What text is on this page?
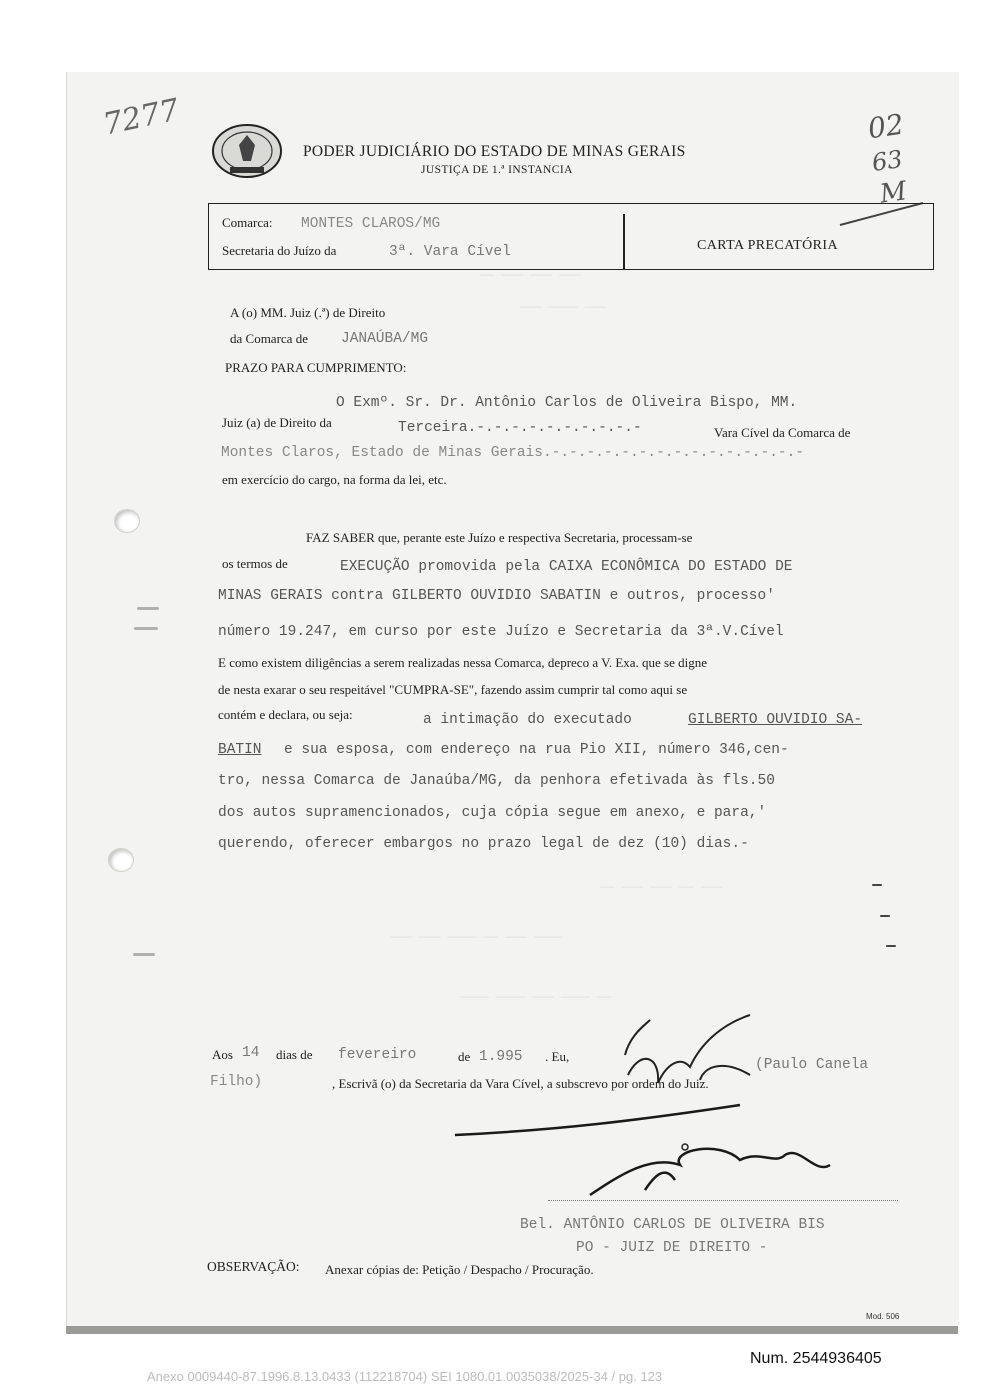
7277	02
63
M
PODER JUDICIÁRIO DO ESTADO DE MINAS GERAIS
JUSTIÇA DE 1.ª INSTANCIA
Comarca: MONTES CLAROS/MG
Secretaria do Juízo da	3ª. Vara Cível	CARTA PRECATÓRIA
A (o) MM. Juiz (.ª) de Direito
da Comarca de JANAÚBA/MG
PRAZO PARA CUMPRIMENTO:
—— ——— ——— ———
——— ———— ———
—— ——— ——— —— ———
——— ——— ———— —— ——— ————
———— ———— ——— ———— ——
O Exmº. Sr. Dr. Antônio Carlos de Oliveira Bispo, MM.
Juiz (a) de Direito da	Terceira.-.-.-.-.-.-.-.-.-.-	Vara Cível da Comarca de
Montes Claros, Estado de Minas Gerais.-.-.-.-.-.-.-.-.-.-.-.-.-.-.-
em exercício do cargo, na forma da lei, etc.
FAZ SABER que, perante este Juízo e respectiva Secretaria, processam-se
os termos de	EXECUÇÃO promovida pela CAIXA ECONÔMICA DO ESTADO DE
MINAS GERAIS contra GILBERTO OUVIDIO SABATIN e outros, processo'
número 19.247, em curso por este Juízo e Secretaria da 3ª.V.Cível
E como existem diligências a serem realizadas nessa Comarca, depreco a V. Exa. que se digne
de nesta exarar o seu respeitável "CUMPRA-SE", fazendo assim cumprir tal como aqui se
contém e declara, ou seja:	a intimação do executado	GILBERTO OUVIDIO SA-
BATIN e sua esposa, com endereço na rua Pio XII, número 346,cen-
tro, nessa Comarca de Janaúba/MG, da penhora efetivada às fls.50
dos autos supramencionados, cuja cópia segue em anexo, e para,'
querendo, oferecer embargos no prazo legal de dez (10) dias.-
Aos 14 dias de fevereiro	de 1.995 . Eu,
(Paulo Canela
Filho)	, Escrivã (o) da Secretaria da Vara Cível, a subscrevo por ordem do Juiz.
Bel. ANTÔNIO CARLOS DE OLIVEIRA BIS
PO - JUIZ DE DIREITO -
OBSERVAÇÃO: Anexar cópias de: Petição / Despacho / Procuração.
Mod. 506
Num. 2544936405
Anexo 0009440-87.1996.8.13.0433 (112218704) SEI 1080.01.0035038/2025-34 / pg. 123
